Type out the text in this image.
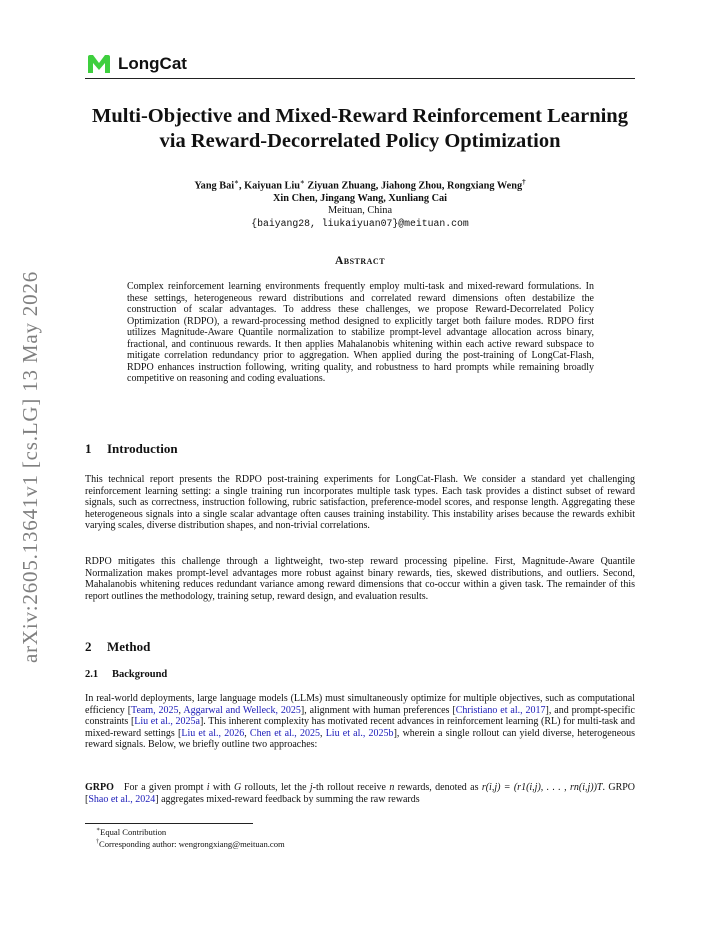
arXiv:2605.13641v1 [cs.LG] 13 May 2026
LongCat
Multi-Objective and Mixed-Reward Reinforcement Learning
via Reward-Decorrelated Policy Optimization
Yang Bai∗, Kaiyuan Liu∗ Ziyuan Zhuang, Jiahong Zhou, Rongxiang Weng†
Xin Chen, Jingang Wang, Xunliang Cai
Meituan, China
{baiyang28, liukaiyuan07}@meituan.com
Abstract
Complex reinforcement learning environments frequently employ multi-task and mixed-reward formulations. In these settings, heterogeneous reward distributions and correlated reward dimensions often destabilize the construction of scalar advantages. To address these challenges, we propose Reward-Decorrelated Policy Optimization (RDPO), a reward-processing method designed to explicitly target both failure modes. RDPO first utilizes Magnitude-Aware Quantile normalization to stabilize prompt-level advantage allocation across binary, fractional, and continuous rewards. It then applies Mahalanobis whitening within each active reward subspace to mitigate correlation redundancy prior to aggregation. When applied during the post-training of LongCat-Flash, RDPO enhances instruction following, writing quality, and robustness to hard prompts while remaining broadly competitive on reasoning and coding evaluations.
1 Introduction
This technical report presents the RDPO post-training experiments for LongCat-Flash. We consider a standard yet challenging reinforcement learning setting: a single training run incorporates multiple task types. Each task provides a distinct subset of reward signals, such as correctness, instruction following, rubric satisfaction, preference-model scores, and response length. Aggregating these heterogeneous signals into a single scalar advantage often causes training instability. This instability arises because the rewards exhibit varying scales, diverse distribution shapes, and non-trivial correlations.
RDPO mitigates this challenge through a lightweight, two-step reward processing pipeline. First, Magnitude-Aware Quantile Normalization makes prompt-level advantages more robust against binary rewards, ties, skewed distributions, and outliers. Second, Mahalanobis whitening reduces redundant variance among reward dimensions that co-occur within a given task. The remainder of this report outlines the methodology, training setup, reward design, and evaluation results.
2 Method
2.1 Background
In real-world deployments, large language models (LLMs) must simultaneously optimize for multiple objectives, such as computational efficiency [Team, 2025, Aggarwal and Welleck, 2025], alignment with human preferences [Christiano et al., 2017], and prompt-specific constraints [Liu et al., 2025a]. This inherent complexity has motivated recent advances in reinforcement learning (RL) for multi-task and mixed-reward settings [Liu et al., 2026, Chen et al., 2025, Liu et al., 2025b], wherein a single rollout can yield diverse, heterogeneous reward signals. Below, we briefly outline two approaches:
GRPO For a given prompt i with G rollouts, let the j-th rollout receive n rewards, denoted as r(i,j) = (r1(i,j), . . . , rn(i,j))T. GRPO [Shao et al., 2024] aggregates mixed-reward feedback by summing the raw rewards
∗Equal Contribution
†Corresponding author: wengrongxiang@meituan.com
